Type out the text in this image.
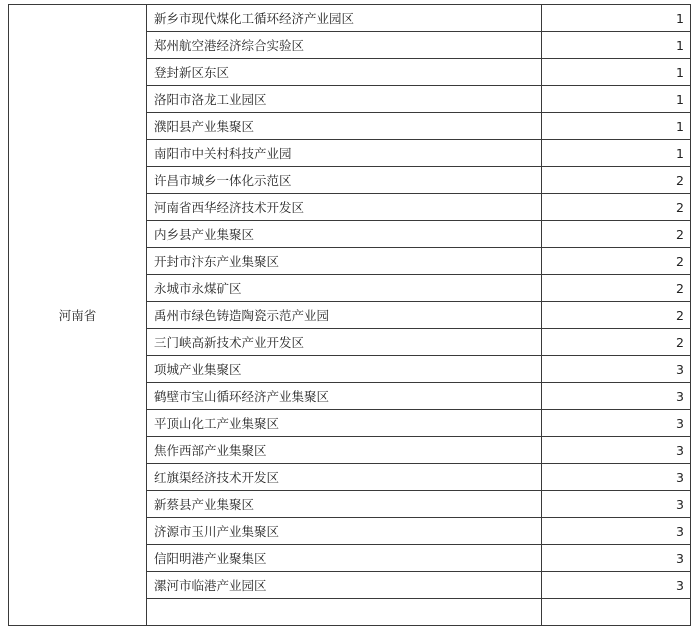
河南省	新乡市现代煤化工循环经济产业园区	1
	郑州航空港经济综合实验区	1
	登封新区东区	1
	洛阳市洛龙工业园区	1
	濮阳县产业集聚区	1
	南阳市中关村科技产业园	1
	许昌市城乡一体化示范区	2
	河南省西华经济技术开发区	2
	内乡县产业集聚区	2
	开封市汴东产业集聚区	2
	永城市永煤矿区	2
	禹州市绿色铸造陶瓷示范产业园	2
	三门峡高新技术产业开发区	2
	项城产业集聚区	3
	鹤壁市宝山循环经济产业集聚区	3
	平顶山化工产业集聚区	3
	焦作西部产业集聚区	3
	红旗渠经济技术开发区	3
	新蔡县产业集聚区	3
	济源市玉川产业集聚区	3
	信阳明港产业聚集区	3
	漯河市临港产业园区	3
